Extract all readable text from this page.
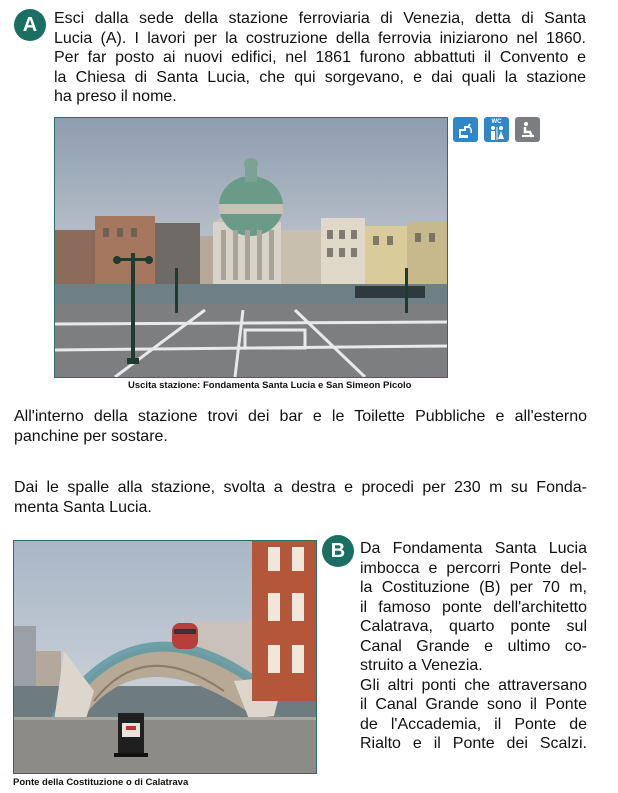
A	Esci dalla sede della stazione ferroviaria di Venezia, detta di Santa
Lucia (A). I lavori per la costruzione della ferrovia iniziarono nel 1860.
Per far posto ai nuovi edifici, nel 1861 furono abbattuti il Convento e
la Chiesa di Santa Lucia, che qui sorgevano, e dai quali la stazione
ha preso il nome.
Uscita stazione: Fondamenta Santa Lucia e San Simeon Picolo
WC
All'interno della stazione trovi dei bar e le Toilette Pubbliche e all'esterno
panchine per sostare.
Dai le spalle alla stazione, svolta a destra e procedi per 230 m su Fonda-
menta Santa Lucia.
Ponte della Costituzione o di Calatrava
B Da Fondamenta Santa Lucia
imbocca e percorri Ponte del-
la Costituzione (B) per 70 m,
il famoso ponte dell'architetto
Calatrava, quarto ponte sul
Canal Grande e ultimo co-
struito a Venezia.
Gli altri ponti che attraversano
il Canal Grande sono il Ponte
de l'Accademia, il Ponte de
Rialto e il Ponte dei Scalzi.
